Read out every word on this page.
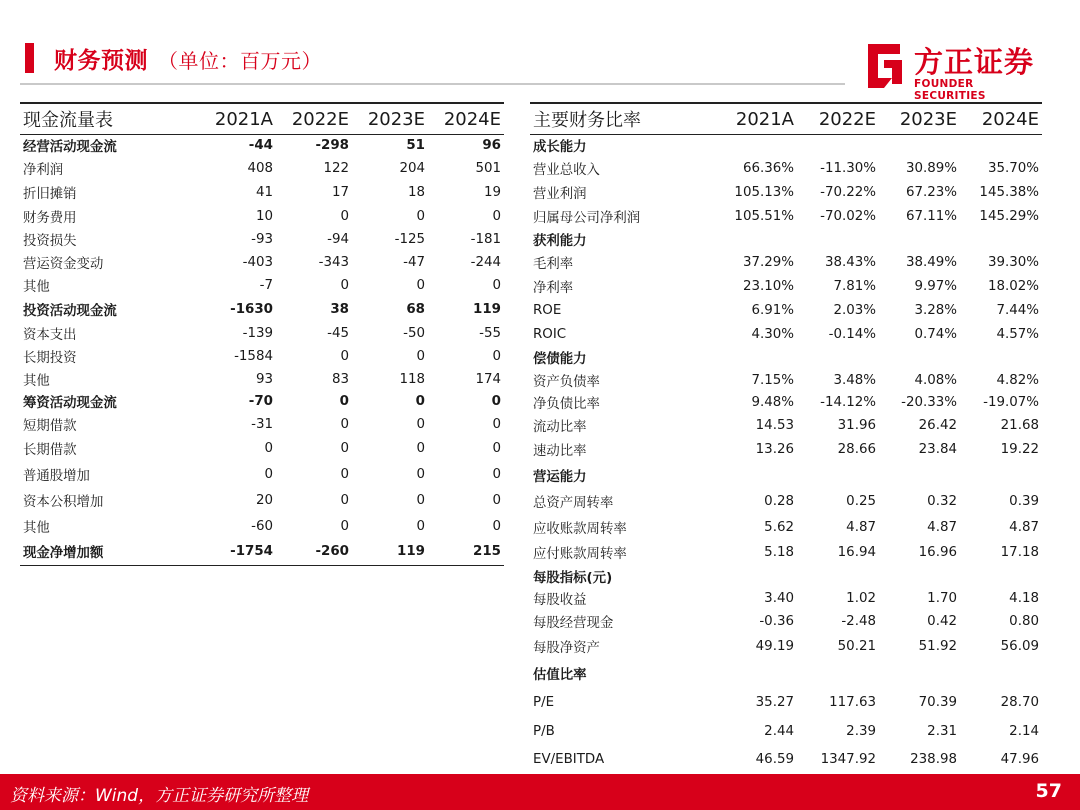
财务预测 （单位：百万元）	方正证券
FOUNDER SECURITIES
现金流量表	2021A	2022E	2023E	2024E
经营活动现金流	-44	-298	51	96
净利润	408	122	204	501
折旧摊销	41	17	18	19
财务费用	10	0	0	0
投资损失	-93	-94	-125	-181
营运资金变动	-403	-343	-47	-244
其他	-7	0	0	0
投资活动现金流	-1630	38	68	119
资本支出	-139	-45	-50	-55
长期投资	-1584	0	0	0
其他	93	83	118	174
筹资活动现金流	-70	0	0	0
短期借款	-31	0	0	0
长期借款	0	0	0	0
普通股增加	0	0	0	0
资本公积增加	20	0	0	0
其他	-60	0	0	0
现金净增加额	-1754	-260	119	215
主要财务比率	2021A	2022E	2023E	2024E
成长能力				
营业总收入	66.36%	-11.30%	30.89%	35.70%
营业利润	105.13%	-70.22%	67.23%	145.38%
归属母公司净利润	105.51%	-70.02%	67.11%	145.29%
获利能力				
毛利率	37.29%	38.43%	38.49%	39.30%
净利率	23.10%	7.81%	9.97%	18.02%
ROE	6.91%	2.03%	3.28%	7.44%
ROIC	4.30%	-0.14%	0.74%	4.57%
偿债能力				
资产负债率	7.15%	3.48%	4.08%	4.82%
净负债比率	9.48%	-14.12%	-20.33%	-19.07%
流动比率	14.53	31.96	26.42	21.68
速动比率	13.26	28.66	23.84	19.22
营运能力				
总资产周转率	0.28	0.25	0.32	0.39
应收账款周转率	5.62	4.87	4.87	4.87
应付账款周转率	5.18	16.94	16.96	17.18
每股指标(元)				
每股收益	3.40	1.02	1.70	4.18
每股经营现金	-0.36	-2.48	0.42	0.80
每股净资产	49.19	50.21	51.92	56.09
估值比率				
P/E	35.27	117.63	70.39	28.70
P/B	2.44	2.39	2.31	2.14
EV/EBITDA	46.59	1347.92	238.98	47.96
资料来源：Wind，方正证券研究所整理	57
